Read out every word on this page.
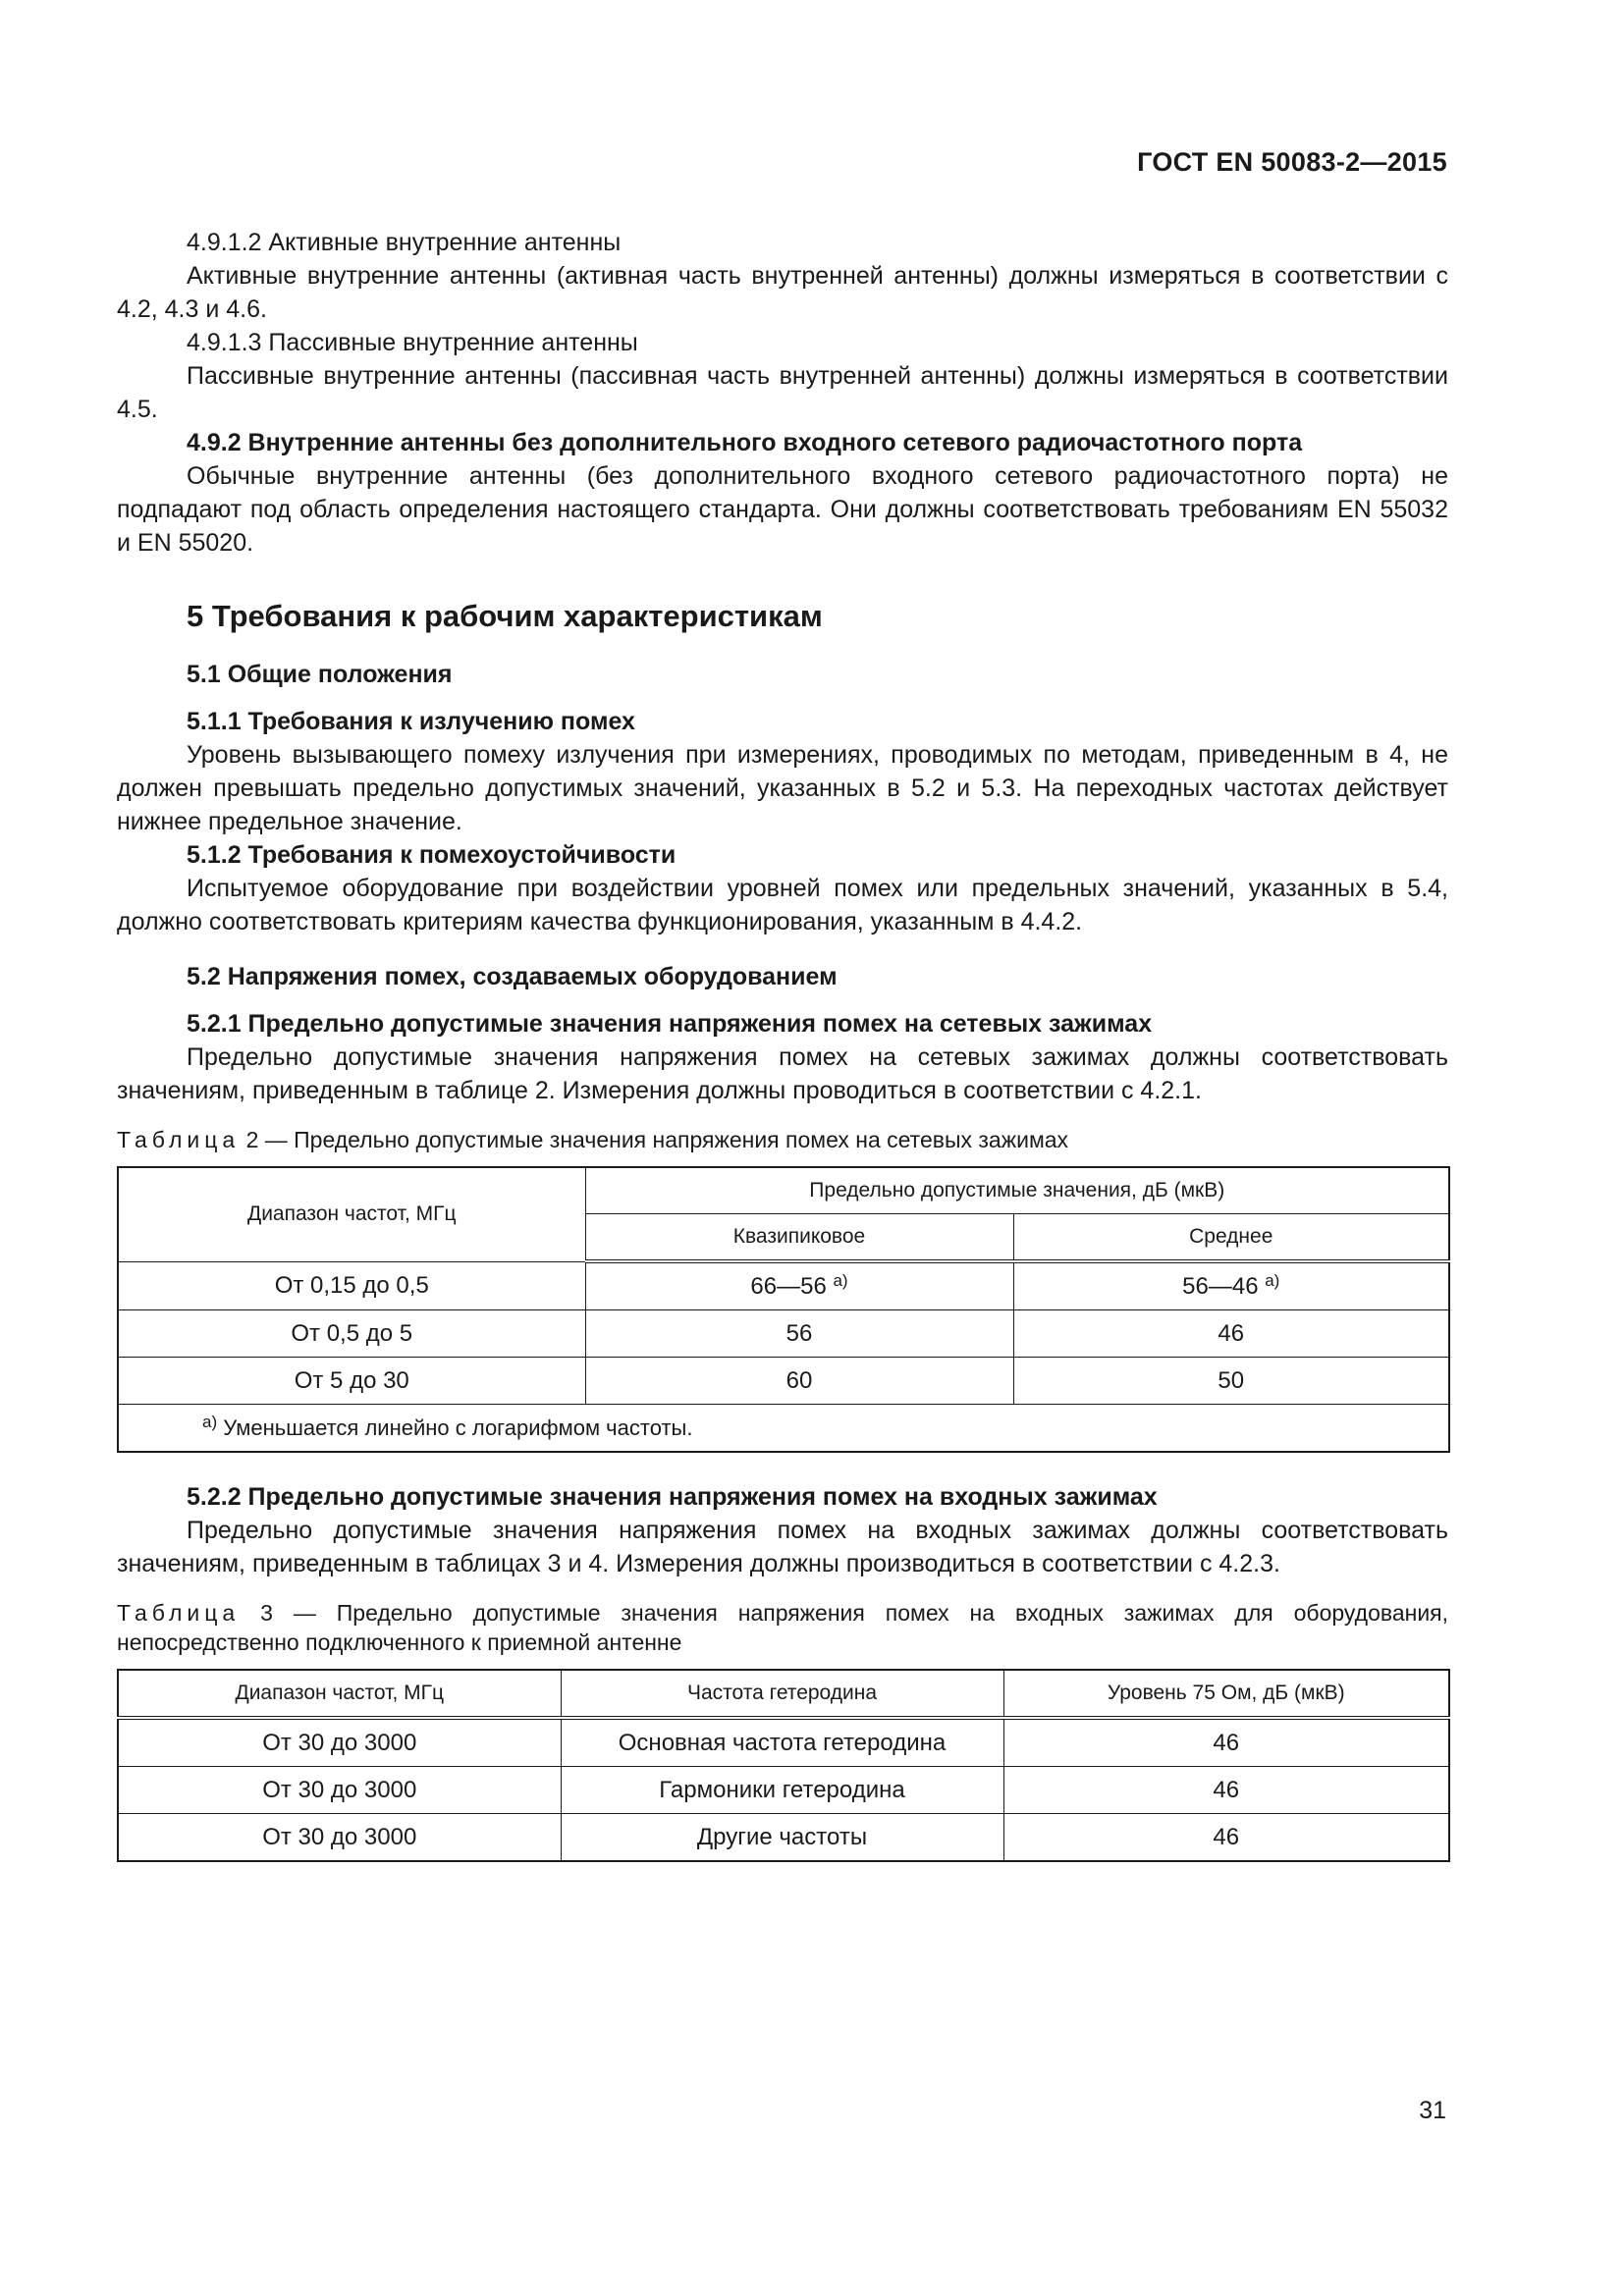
ГОСТ EN 50083-2—2015

4.9.1.2 Активные внутренние антенны

Активные внутренние антенны (активная часть внутренней антенны) должны измеряться в соответствии с 4.2, 4.3 и 4.6.

4.9.1.3 Пассивные внутренние антенны

Пассивные внутренние антенны (пассивная часть внутренней антенны) должны измеряться в соответствии 4.5.

4.9.2 Внутренние антенны без дополнительного входного сетевого радиочастотного порта

Обычные внутренние антенны (без дополнительного входного сетевого радиочастотного порта) не подпадают под область определения настоящего стандарта. Они должны соответствовать требованиям EN 55032 и EN 55020.

5 Требования к рабочим характеристикам
5.1 Общие положения
5.1.1 Требования к излучению помех

Уровень вызывающего помеху излучения при измерениях, проводимых по методам, приведенным в 4, не должен превышать предельно допустимых значений, указанных в 5.2 и 5.3. На переходных частотах действует нижнее предельное значение.

5.1.2 Требования к помехоустойчивости

Испытуемое оборудование при воздействии уровней помех или предельных значений, указанных в 5.4, должно соответствовать критериям качества функционирования, указанным в 4.4.2.

5.2 Напряжения помех, создаваемых оборудованием
5.2.1 Предельно допустимые значения напряжения помех на сетевых зажимах

Предельно допустимые значения напряжения помех на сетевых зажимах должны соответствовать значениям, приведенным в таблице 2. Измерения должны проводиться в соответствии с 4.2.1.

Таблица 2 — Предельно допустимые значения напряжения помех на сетевых зажимах

Диапазон частот, МГц	Предельно допустимые значения, дБ (мкВ)	
	Квазипиковое	Среднее
От 0,15 до 0,5	66—56 $^{а)}$	56—46 $^{а)}$
От 0,5 до 5	56	46
От 5 до 30	60	50
$^{а)}$ Уменьшается линейно с логарифмом частоты.		
5.2.2 Предельно допустимые значения напряжения помех на входных зажимах

Предельно допустимые значения напряжения помех на входных зажимах должны соответствовать значениям, приведенным в таблицах 3 и 4. Измерения должны производиться в соответствии с 4.2.3.

Таблица 3 — Предельно допустимые значения напряжения помех на входных зажимах для оборудования, непосредственно подключенного к приемной антенне

Диапазон частот, МГц	Частота гетеродина	Уровень 75 Ом, дБ (мкВ)
От 30 до 3000	Основная частота гетеродина	46
От 30 до 3000	Гармоники гетеродина	46
От 30 до 3000	Другие частоты	46
31
